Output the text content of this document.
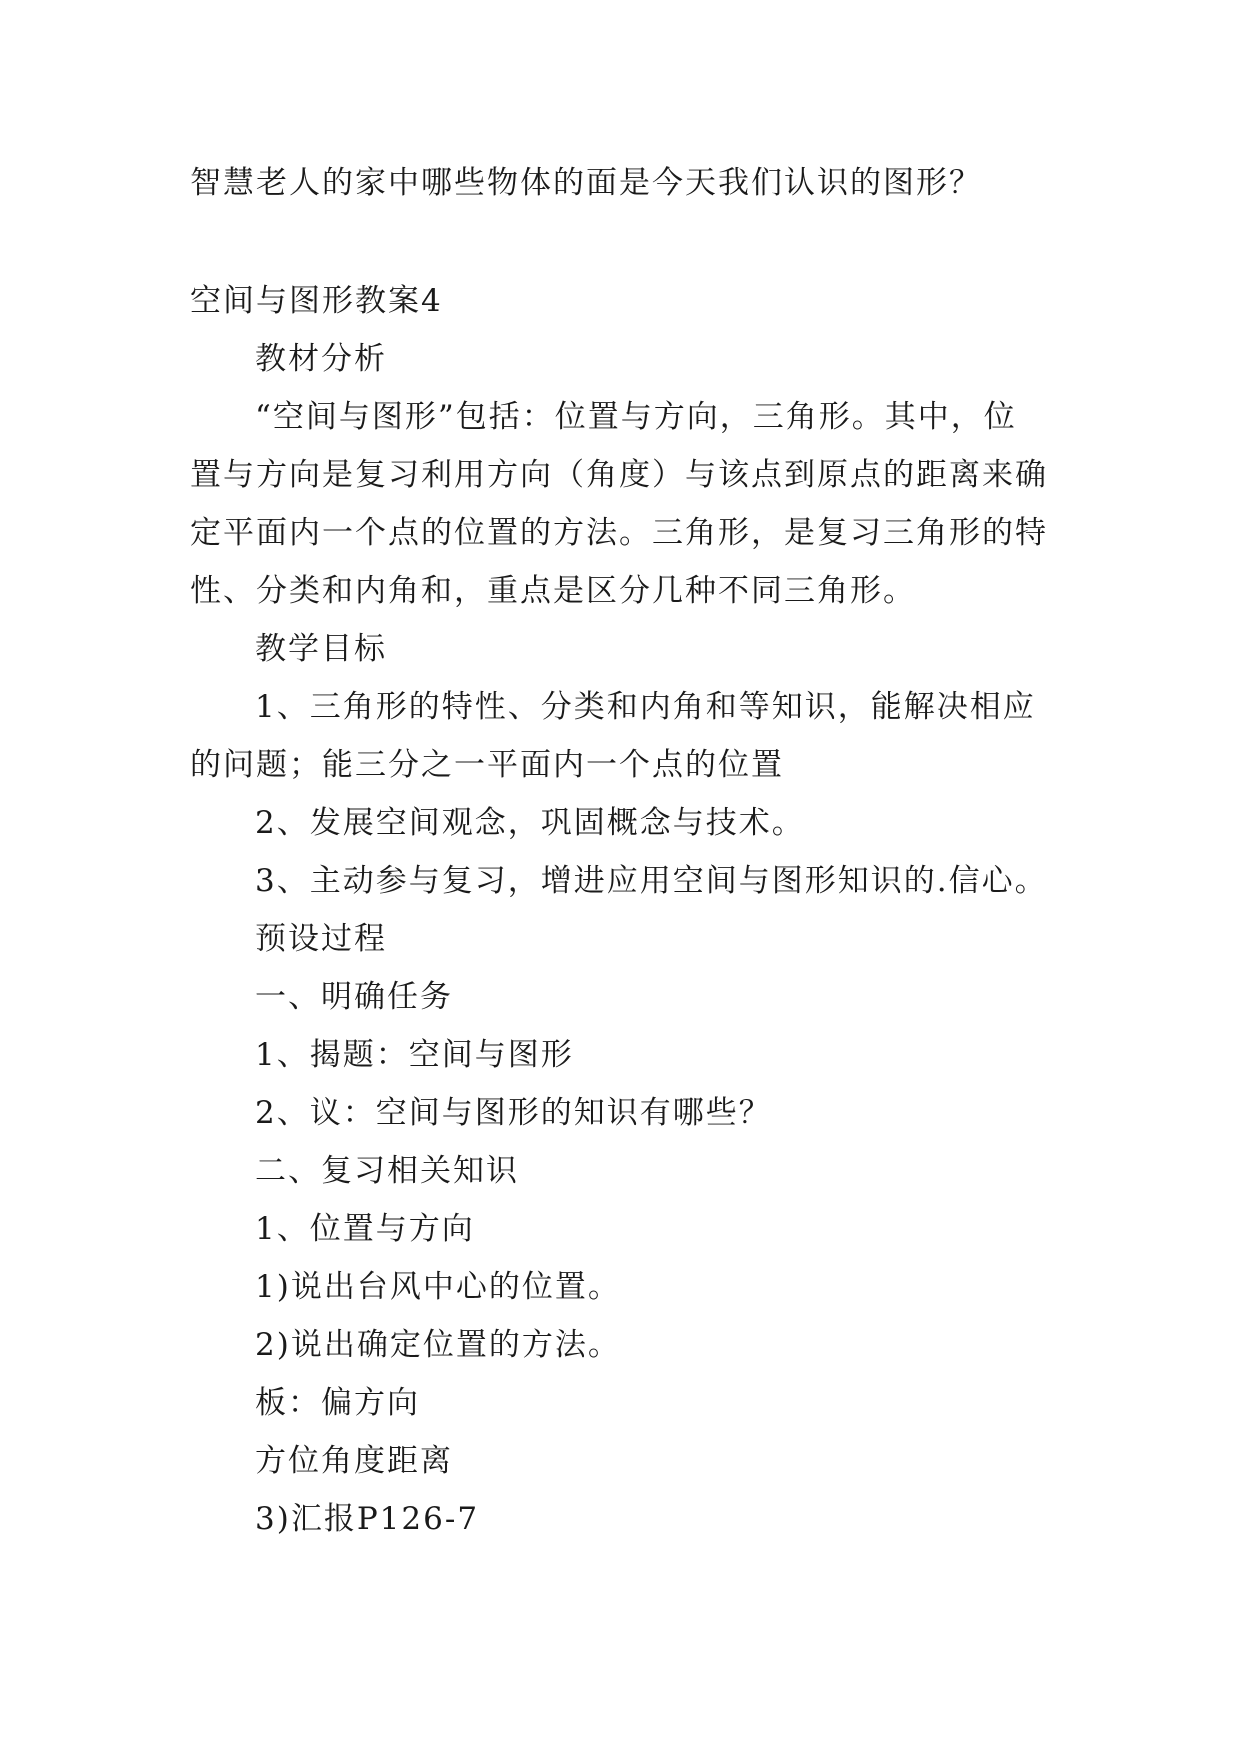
智慧老人的家中哪些物体的面是今天我们认识的图形？
空间与图形教案4
教材分析
“空间与图形”包括：位置与方向，三角形。其中，位
置与方向是复习利用方向（角度）与该点到原点的距离来确
定平面内一个点的位置的方法。三角形，是复习三角形的特
性、分类和内角和，重点是区分几种不同三角形。
教学目标
1、三角形的特性、分类和内角和等知识，能解决相应
的问题；能三分之一平面内一个点的位置
2、发展空间观念，巩固概念与技术。
3、主动参与复习，增进应用空间与图形知识的.信心。
预设过程
一、明确任务
1、揭题：空间与图形
2、议：空间与图形的知识有哪些？
二、复习相关知识
1、位置与方向
1)说出台风中心的位置。
2)说出确定位置的方法。
板：偏方向
方位角度距离
3)汇报P126-7
